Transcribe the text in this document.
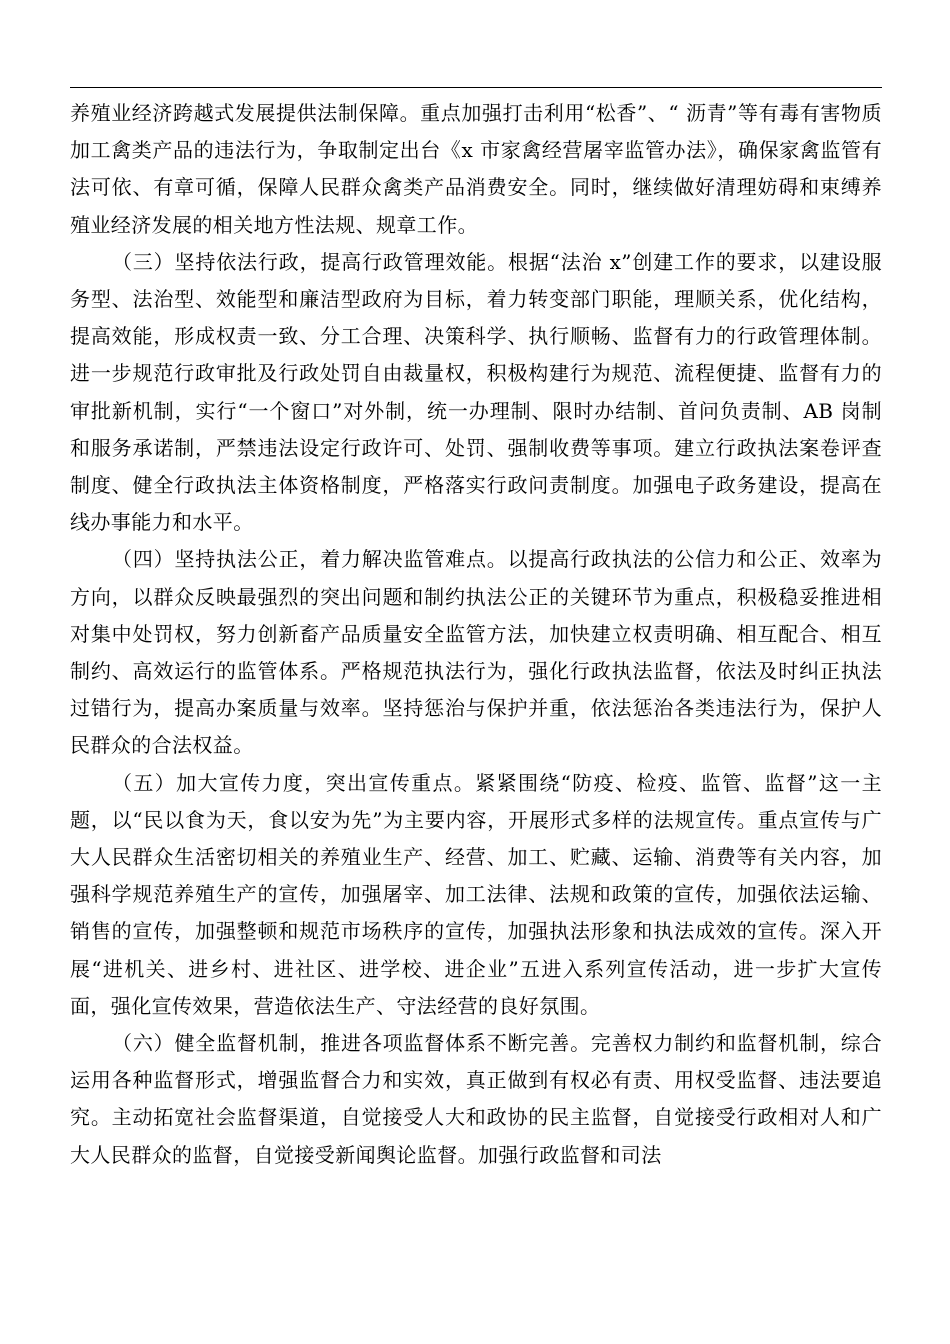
养殖业经济跨越式发展提供法制保障。重点加强打击利用“松香”、“ 沥青”等有毒有害物质加工禽类产品的违法行为，争取制定出台《x 市家禽经营屠宰监管办法》，确保家禽监管有法可依、有章可循，保障人民群众禽类产品消费安全。同时，继续做好清理妨碍和束缚养殖业经济发展的相关地方性法规、规章工作。

（三）坚持依法行政，提高行政管理效能。根据“法治 x”创建工作的要求，以建设服务型、法治型、效能型和廉洁型政府为目标，着力转变部门职能，理顺关系，优化结构，提高效能，形成权责一致、分工合理、决策科学、执行顺畅、监督有力的行政管理体制。进一步规范行政审批及行政处罚自由裁量权，积极构建行为规范、流程便捷、监督有力的审批新机制，实行“一个窗口”对外制，统一办理制、限时办结制、首问负责制、AB 岗制和服务承诺制，严禁违法设定行政许可、处罚、强制收费等事项。建立行政执法案卷评查制度、健全行政执法主体资格制度，严格落实行政问责制度。加强电子政务建设，提高在线办事能力和水平。

（四）坚持执法公正，着力解决监管难点。以提高行政执法的公信力和公正、效率为方向，以群众反映最强烈的突出问题和制约执法公正的关键环节为重点，积极稳妥推进相对集中处罚权，努力创新畜产品质量安全监管方法，加快建立权责明确、相互配合、相互制约、高效运行的监管体系。严格规范执法行为，强化行政执法监督，依法及时纠正执法过错行为，提高办案质量与效率。坚持惩治与保护并重，依法惩治各类违法行为，保护人民群众的合法权益。

（五）加大宣传力度，突出宣传重点。紧紧围绕“防疫、检疫、监管、监督”这一主题，以“民以食为天，食以安为先”为主要内容，开展形式多样的法规宣传。重点宣传与广大人民群众生活密切相关的养殖业生产、经营、加工、贮藏、运输、消费等有关内容，加强科学规范养殖生产的宣传，加强屠宰、加工法律、法规和政策的宣传，加强依法运输、销售的宣传，加强整顿和规范市场秩序的宣传，加强执法形象和执法成效的宣传。深入开展“进机关、进乡村、进社区、进学校、进企业”五进入系列宣传活动，进一步扩大宣传面，强化宣传效果，营造依法生产、守法经营的良好氛围。

（六）健全监督机制，推进各项监督体系不断完善。完善权力制约和监督机制，综合运用各种监督形式，增强监督合力和实效，真正做到有权必有责、用权受监督、违法要追究。主动拓宽社会监督渠道，自觉接受人大和政协的民主监督，自觉接受行政相对人和广大人民群众的监督，自觉接受新闻舆论监督。加强行政监督和司法
